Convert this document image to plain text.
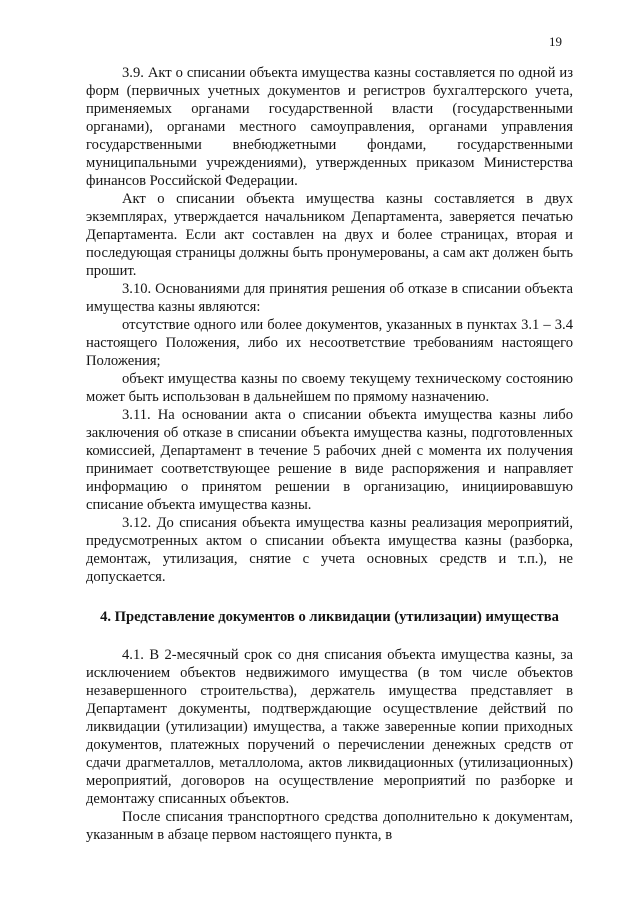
19

3.9. Акт о списании объекта имущества казны составляется по одной из форм (первичных учетных документов и регистров бухгалтерского учета, применяемых органами государственной власти (государственными органами), органами местного самоуправления, органами управления государственными внебюджетными фондами, государственными муниципальными учреждениями), утвержденных приказом Министерства финансов Российской Федерации.

Акт о списании объекта имущества казны составляется в двух экземплярах, утверждается начальником Департамента, заверяется печатью Департамента. Если акт составлен на двух и более страницах, вторая и последующая страницы должны быть пронумерованы, а сам акт должен быть прошит.

3.10. Основаниями для принятия решения об отказе в списании объекта имущества казны являются:

отсутствие одного или более документов, указанных в пунктах 3.1 – 3.4 настоящего Положения, либо их несоответствие требованиям настоящего Положения;

объект имущества казны по своему текущему техническому состоянию может быть использован в дальнейшем по прямому назначению.

3.11. На основании акта о списании объекта имущества казны либо заключения об отказе в списании объекта имущества казны, подготовленных комиссией, Департамент в течение 5 рабочих дней с момента их получения принимает соответствующее решение в виде распоряжения и направляет информацию о принятом решении в организацию, инициировавшую списание объекта имущества казны.

3.12. До списания объекта имущества казны реализация мероприятий, предусмотренных актом о списании объекта имущества казны (разборка, демонтаж, утилизация, снятие с учета основных средств и т.п.), не допускается.

4. Представление документов о ликвидации (утилизации) имущества

4.1. В 2-месячный срок со дня списания объекта имущества казны, за исключением объектов недвижимого имущества (в том числе объектов незавершенного строительства), держатель имущества представляет в Департамент документы, подтверждающие осуществление действий по ликвидации (утилизации) имущества, а также заверенные копии приходных документов, платежных поручений о перечислении денежных средств от сдачи драгметаллов, металлолома, актов ликвидационных (утилизационных) мероприятий, договоров на осуществление мероприятий по разборке и демонтажу списанных объектов.

После списания транспортного средства дополнительно к документам, указанным в абзаце первом настоящего пункта, в
